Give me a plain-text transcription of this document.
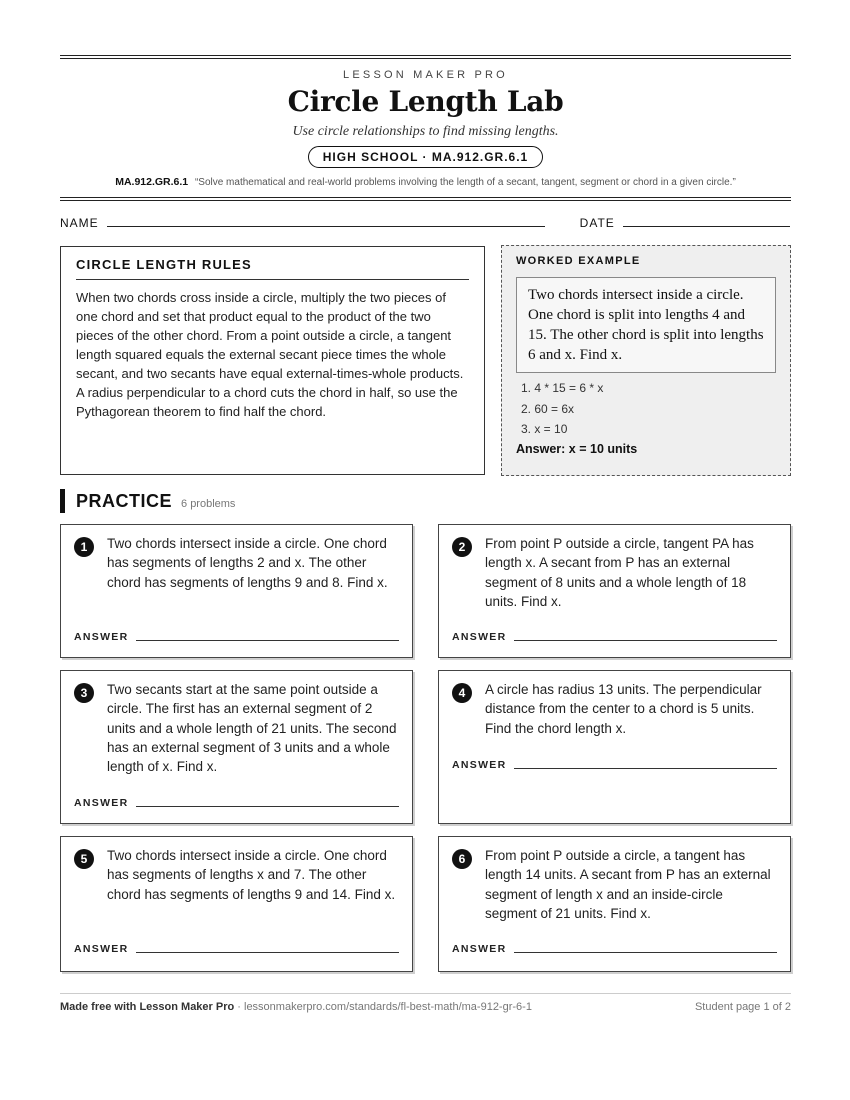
LESSON MAKER PRO
Circle Length Lab
Use circle relationships to find missing lengths.
HIGH SCHOOL · MA.912.GR.6.1
MA.912.GR.6.1 “Solve mathematical and real-world problems involving the length of a secant, tangent, segment or chord in a given circle.”
NAME	DATE
CIRCLE LENGTH RULES
When two chords cross inside a circle, multiply the two pieces of one chord and set that product equal to the product of the two pieces of the other chord. From a point outside a circle, a tangent length squared equals the external secant piece times the whole secant, and two secants have equal external-times-whole products. A radius perpendicular to a chord cuts the chord in half, so use the Pythagorean theorem to find half the chord.
WORKED EXAMPLE
Two chords intersect inside a circle. One chord is split into lengths 4 and 15. The other chord is split into lengths 6 and x. Find x.
1. 4 * 15 = 6 * x
2. 60 = 6x
3. x = 10
Answer: x = 10 units
PRACTICE 6 problems
1	Two chords intersect inside a circle. One chord has segments of lengths 2 and x. The other chord has segments of lengths 9 and 8. Find x.
ANSWER
2	From point P outside a circle, tangent PA has length x. A secant from P has an external segment of 8 units and a whole length of 18 units. Find x.
ANSWER
3	Two secants start at the same point outside a circle. The first has an external segment of 2 units and a whole length of 21 units. The second has an external segment of 3 units and a whole length of x. Find x.
ANSWER
4	A circle has radius 13 units. The perpendicular distance from the center to a chord is 5 units. Find the chord length x.
ANSWER
5	Two chords intersect inside a circle. One chord has segments of lengths x and 7. The other chord has segments of lengths 9 and 14. Find x.
ANSWER
6	From point P outside a circle, a tangent has length 14 units. A secant from P has an external segment of length x and an inside-circle segment of 21 units. Find x.
ANSWER
Made free with Lesson Maker Pro · lessonmakerpro.com/standards/fl-best-math/ma-912-gr-6-1	Student page 1 of 2
